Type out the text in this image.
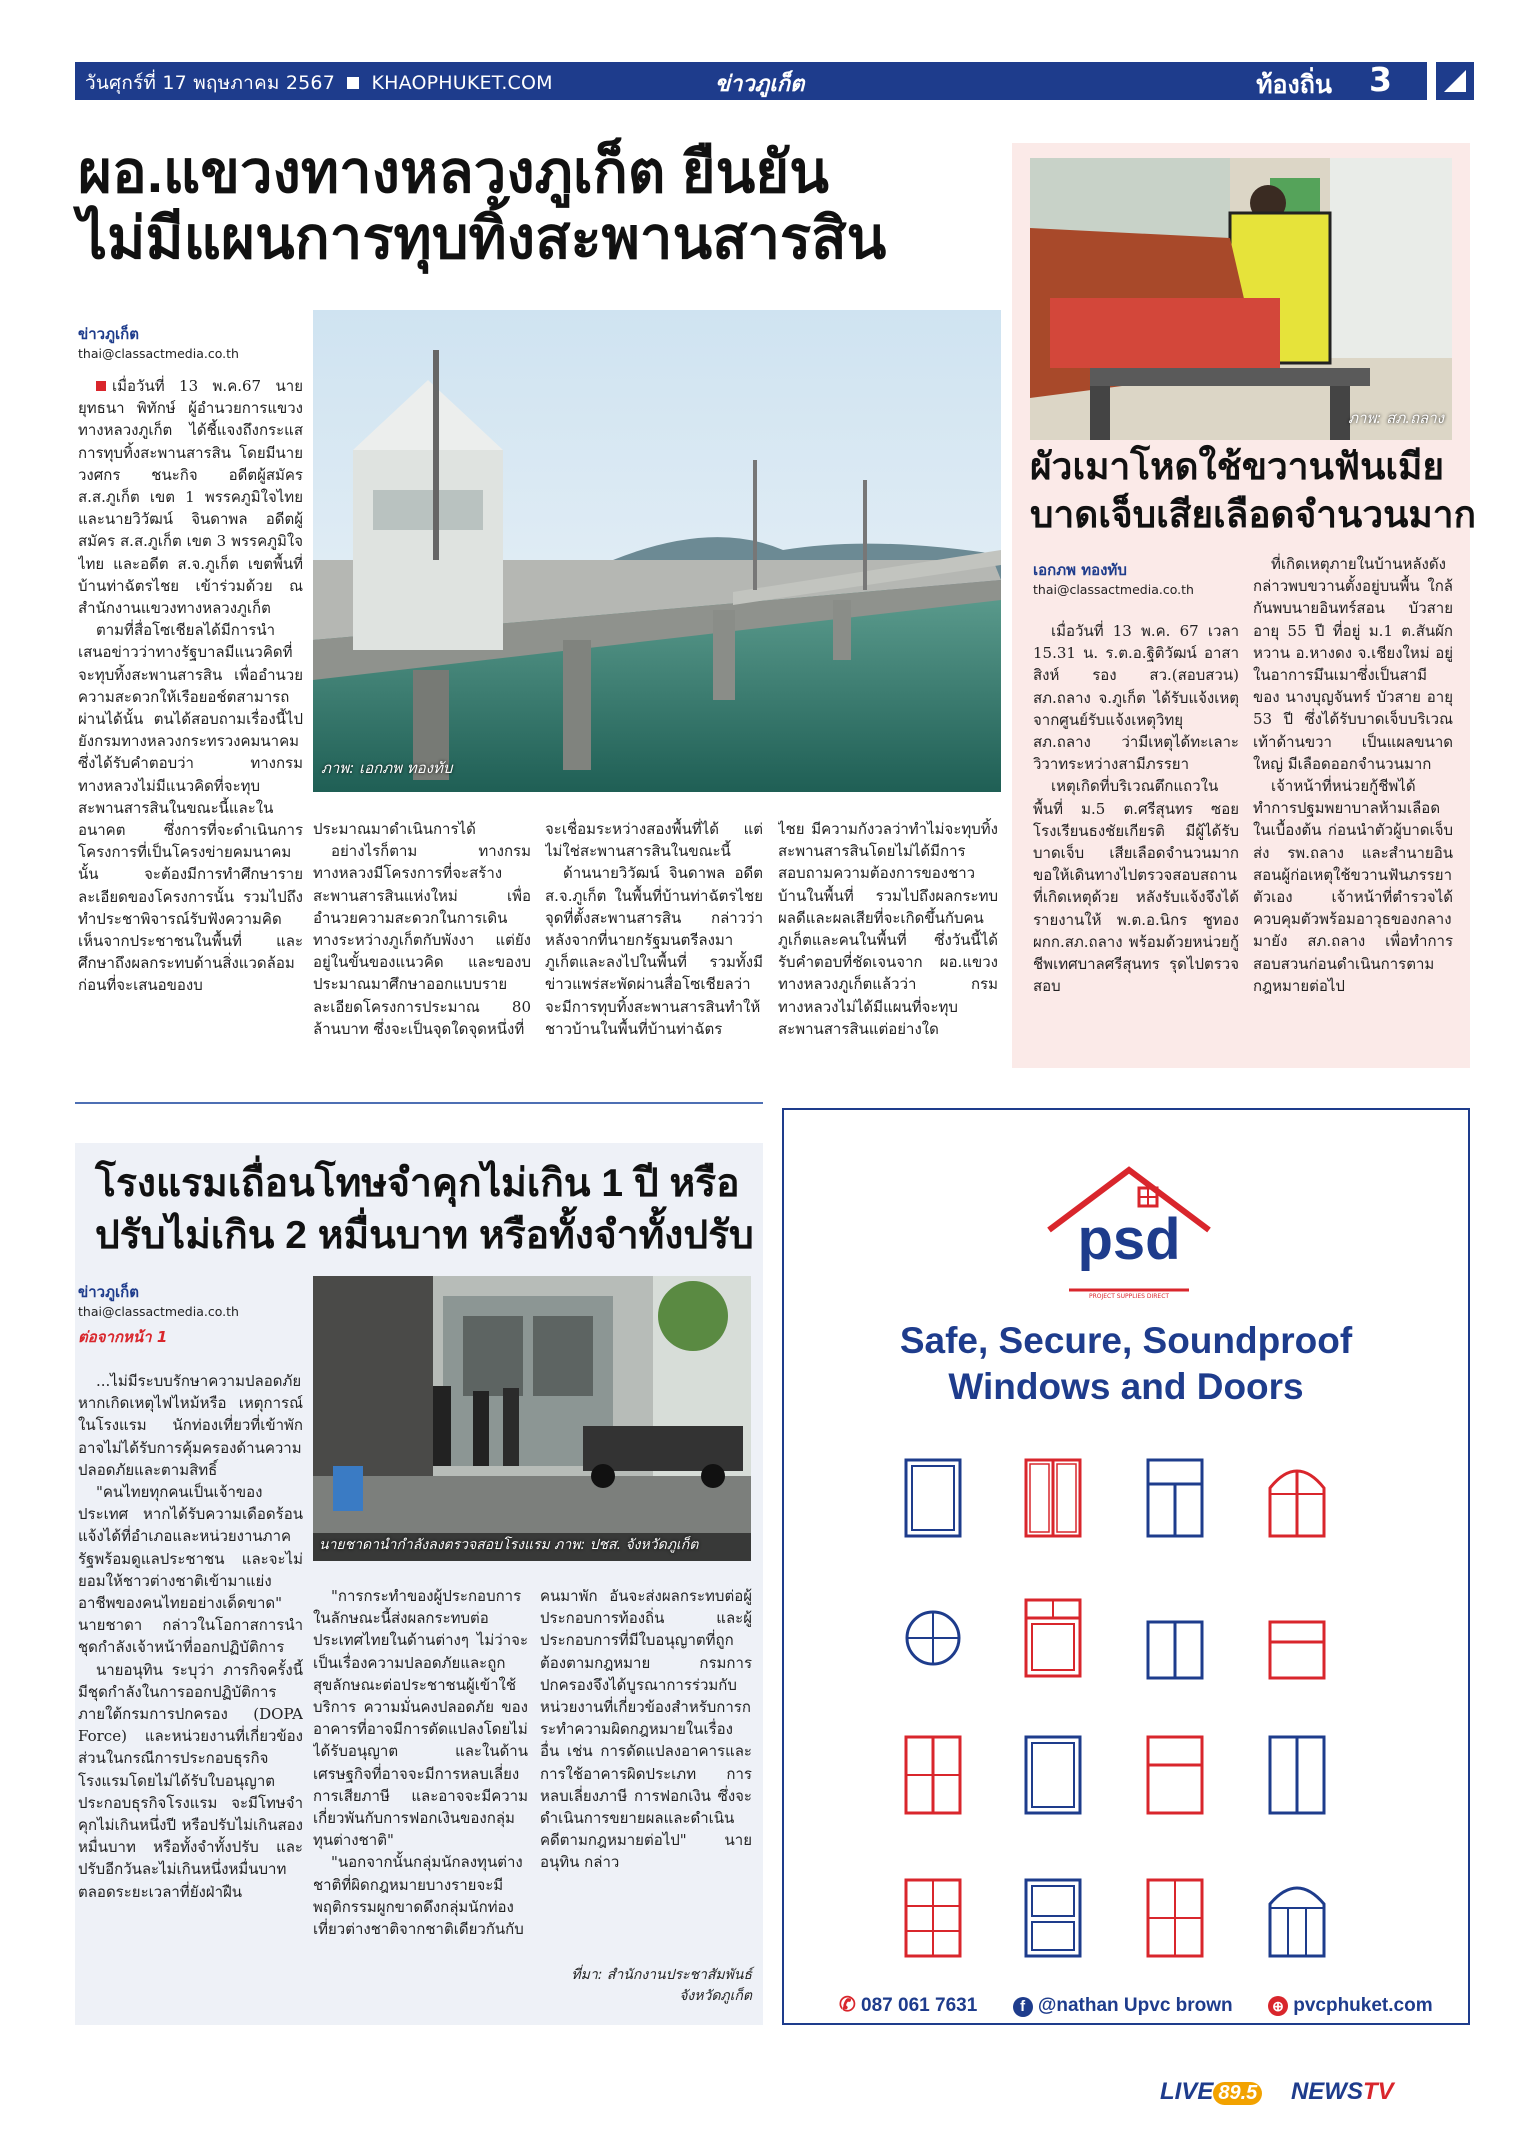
วันศุกร์ที่ 17 พฤษภาคม 2567 KHAOPHUKET.COM	ข่าวภูเก็ต	ท้องถิ่น 3
ผอ.แขวงทางหลวงภูเก็ต ยืนยัน
ไม่มีแผนการทุบทิ้งสะพานสารสิน
ข่าวภูเก็ต
thai@classactmedia.co.th
ภาพ: เอกภพ ทองทับ

เมื่อวันที่ 13 พ.ค.67 นายยุทธนา พิทักษ์ ผู้อำนวยการแขวงทางหลวงภูเก็ต ได้ชี้แจงถึงกระแสการทุบทิ้งสะพานสารสิน โดยมีนายวงศกร ชนะกิจ อดีตผู้สมัคร ส.ส.ภูเก็ต เขต 1 พรรคภูมิใจไทย และนายวิวัฒน์ จินดาพล อดีตผู้สมัคร ส.ส.ภูเก็ต เขต 3 พรรคภูมิใจไทย และอดีต ส.จ.ภูเก็ต เขตพื้นที่บ้านท่าฉัตรไชย เข้าร่วมด้วย ณ สำนักงานแขวงทางหลวงภูเก็ต

ตามที่สื่อโซเชียลได้มีการนำเสนอข่าวว่าทางรัฐบาลมีแนวคิดที่จะทุบทิ้งสะพานสารสิน เพื่ออำนวยความสะดวกให้เรือยอช์ตสามารถผ่านได้นั้น ตนได้สอบถามเรื่องนี้ไปยังกรมทางหลวงกระทรวงคมนาคม ซึ่งได้รับคำตอบว่า ทางกรมทางหลวงไม่มีแนวคิดที่จะทุบสะพานสารสินในขณะนี้และในอนาคต ซึ่งการที่จะดำเนินการโครงการที่เป็นโครงข่ายคมนาคมนั้น จะต้องมีการทำศึกษารายละเอียดของโครงการนั้น รวมไปถึงทำประชาพิจารณ์รับฟังความคิดเห็นจากประชาชนในพื้นที่ และศึกษาถึงผลกระทบด้านสิ่งแวดล้อม ก่อนที่จะเสนอของบ

ประมาณมาดำเนินการได้

อย่างไรก็ตาม ทางกรมทางหลวงมีโครงการที่จะสร้างสะพานสารสินแห่งใหม่ เพื่ออำนวยความสะดวกในการเดินทางระหว่างภูเก็ตกับพังงา แต่ยังอยู่ในขั้นของแนวคิด และของบประมาณมาศึกษาออกแบบรายละเอียดโครงการประมาณ 80 ล้านบาท ซึ่งจะเป็นจุดใดจุดหนึ่งที่

จะเชื่อมระหว่างสองพื้นที่ได้ แต่ไม่ใช่สะพานสารสินในขณะนี้

ด้านนายวิวัฒน์ จินดาพล อดีต ส.จ.ภูเก็ต ในพื้นที่บ้านท่าฉัตรไชย จุดที่ตั้งสะพานสารสิน กล่าวว่าหลังจากที่นายกรัฐมนตรีลงมาภูเก็ตและลงไปในพื้นที่ รวมทั้งมีข่าวแพร่สะพัดผ่านสื่อโซเชียลว่าจะมีการทุบทิ้งสะพานสารสินทำให้ชาวบ้านในพื้นที่บ้านท่าฉัตร

ไชย มีความกังวลว่าทำไม่จะทุบทิ้งสะพานสารสินโดยไม่ได้มีการสอบถามความต้องการของชาวบ้านในพื้นที่ รวมไปถึงผลกระทบผลดีและผลเสียที่จะเกิดขึ้นกับคนภูเก็ตและคนในพื้นที่ ซึ่งวันนี้ได้รับคำตอบที่ชัดเจนจาก ผอ.แขวงทางหลวงภูเก็ตแล้วว่า กรมทางหลวงไม่ได้มีแผนที่จะทุบสะพานสารสินแต่อย่างใด

ภาพ: สภ.ถลาง
ผัวเมาโหดใช้ขวานฟันเมีย
บาดเจ็บเสียเลือดจำนวนมาก
เอกภพ ทองทับ
thai@classactmedia.co.th

เมื่อวันที่ 13 พ.ค. 67 เวลา 15.31 น. ร.ต.อ.ฐิติวัฒน์ อาสาสิงห์ รอง สว.(สอบสวน) สภ.ถลาง จ.ภูเก็ต ได้รับแจ้งเหตุจากศูนย์รับแจ้งเหตุวิทยุ สภ.ถลาง ว่ามีเหตุได้ทะเลาะวิวาทระหว่างสามีภรรยา

เหตุเกิดที่บริเวณตึกแถวในพื้นที่ ม.5 ต.ศรีสุนทร ซอยโรงเรียนธงชัยเกียรติ มีผู้ได้รับบาดเจ็บ เสียเลือดจำนวนมาก ขอให้เดินทางไปตรวจสอบสถานที่เกิดเหตุด้วย หลังรับแจ้งจึงได้รายงานให้ พ.ต.อ.นิกร ชูทอง ผกก.สภ.ถลาง พร้อมด้วยหน่วยกู้ชีพเทศบาลศรีสุนทร รุดไปตรวจสอบ

ที่เกิดเหตุภายในบ้านหลังดังกล่าวพบขวานตั้งอยู่บนพื้น ใกล้กันพบนายอินทร์สอน บัวสาย อายุ 55 ปี ที่อยู่ ม.1 ต.สันผักหวาน อ.หางดง จ.เชียงใหม่ อยู่ในอาการมึนเมาซึ่งเป็นสามีของ นางบุญจันทร์ บัวสาย อายุ 53 ปี ซึ่งได้รับบาดเจ็บบริเวณเท้าด้านขวา เป็นแผลขนาดใหญ่ มีเลือดออกจำนวนมาก

เจ้าหน้าที่หน่วยกู้ชีพได้ทำการปฐมพยาบาลห้ามเลือดในเบื้องต้น ก่อนนำตัวผู้บาดเจ็บส่ง รพ.ถลาง และสำนายอินสอนผู้ก่อเหตุใช้ขวานฟันภรรยาตัวเอง เจ้าหน้าที่ตำรวจได้ควบคุมตัวพร้อมอาวุธของกลางมายัง สภ.ถลาง เพื่อทำการสอบสวนก่อนดำเนินการตามกฎหมายต่อไป

โรงแรมเถื่อนโทษจำคุกไม่เกิน 1 ปี หรือ
ปรับไม่เกิน 2 หมื่นบาท หรือทั้งจำทั้งปรับ
ข่าวภูเก็ต
thai@classactmedia.co.th
ต่อจากหน้า 1
นายชาดานำกำลังลงตรวจสอบโรงแรม ภาพ: ปชส. จังหวัดภูเก็ต

...ไม่มีระบบรักษาความปลอดภัย หากเกิดเหตุไฟไหม้หรือ เหตุการณ์ในโรงแรม นักท่องเที่ยวที่เข้าพักอาจไม่ได้รับการคุ้มครองด้านความปลอดภัยและตามสิทธิ์

"คนไทยทุกคนเป็นเจ้าของประเทศ หากได้รับความเดือดร้อนแจ้งได้ที่อำเภอและหน่วยงานภาครัฐพร้อมดูแลประชาชน และจะไม่ยอมให้ชาวต่างชาติเข้ามาแย่งอาชีพของคนไทยอย่างเด็ดขาด" นายชาดา กล่าวในโอกาสการนำชุดกำลังเจ้าหน้าที่ออกปฏิบัติการ

นายอนุทิน ระบุว่า ภารกิจครั้งนี้มีชุดกำลังในการออกปฏิบัติการภายใต้กรมการปกครอง (DOPA Force) และหน่วยงานที่เกี่ยวข้อง ส่วนในกรณีการประกอบธุรกิจโรงแรมโดยไม่ได้รับใบอนุญาตประกอบธุรกิจโรงแรม จะมีโทษจำคุกไม่เกินหนึ่งปี หรือปรับไม่เกินสองหมื่นบาท หรือทั้งจำทั้งปรับ และปรับอีกวันละไม่เกินหนึ่งหมื่นบาทตลอดระยะเวลาที่ยังฝ่าฝืน

"การกระทำของผู้ประกอบการในลักษณะนี้ส่งผลกระทบต่อประเทศไทยในด้านต่างๆ ไม่ว่าจะเป็นเรื่องความปลอดภัยและถูกสุขลักษณะต่อประชาชนผู้เข้าใช้บริการ ความมั่นคงปลอดภัย ของอาคารที่อาจมีการดัดแปลงโดยไม่ได้รับอนุญาต และในด้านเศรษฐกิจที่อาจจะมีการหลบเลี่ยงการเสียภาษี และอาจจะมีความเกี่ยวพันกับการฟอกเงินของกลุ่มทุนต่างชาติ"

"นอกจากนั้นกลุ่มนักลงทุนต่างชาติที่ผิดกฎหมายบางรายจะมีพฤติกรรมผูกขาดดึงกลุ่มนักท่องเที่ยวต่างชาติจากชาติเดียวกันกับ

คนมาพัก อันจะส่งผลกระทบต่อผู้ประกอบการท้องถิ่น และผู้ประกอบการที่มีใบอนุญาตที่ถูกต้องตามกฎหมาย กรมการปกครองจึงได้บูรณาการร่วมกับหน่วยงานที่เกี่ยวข้องสำหรับการกระทำความผิดกฎหมายในเรื่องอื่น เช่น การดัดแปลงอาคารและการใช้อาคารผิดประเภท การหลบเลี่ยงภาษี การฟอกเงิน ซึ่งจะดำเนินการขยายผลและดำเนินคดีตามกฎหมายต่อไป" นายอนุทิน กล่าว

ที่มา: สำนักงานประชาสัมพันธ์จังหวัดภูเก็ต
psd
PROJECT SUPPLIES DIRECT
Safe, Secure, Soundproof
Windows and Doors
✆ 087 061 7631	f @nathan Upvc brown	⊕ pvcphuket.com
LIVE 89.5 NEWSTV
